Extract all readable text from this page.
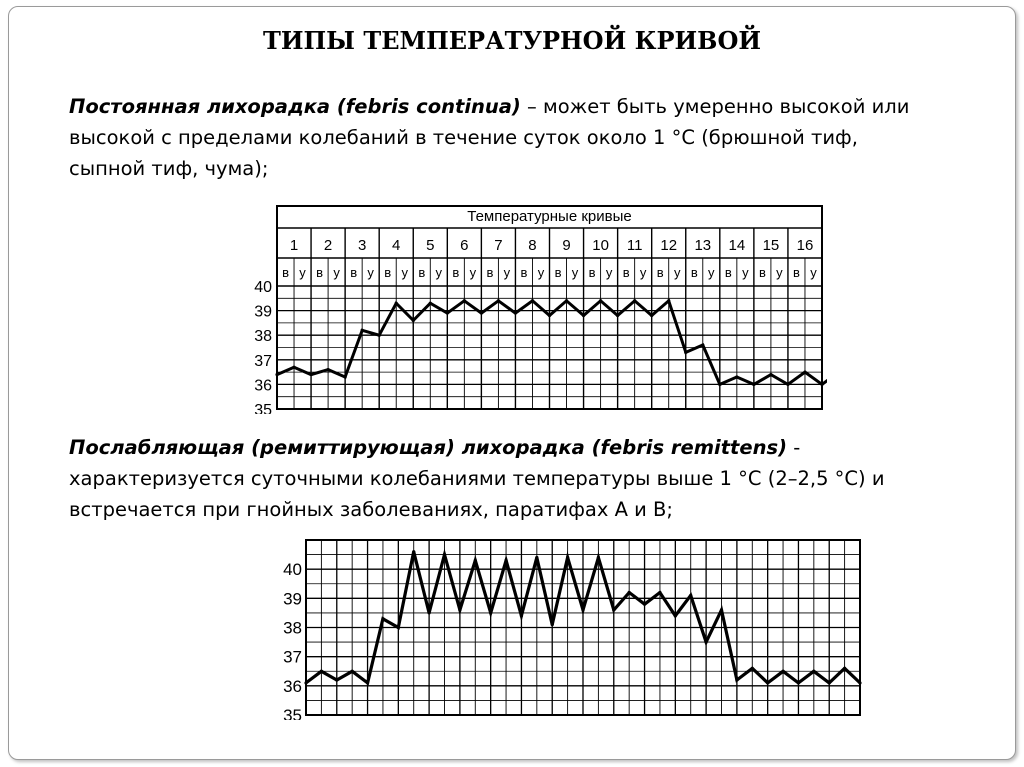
ТИПЫ ТЕМПЕРАТУРНОЙ КРИВОЙ
Постоянная лихорадка (febris continua) – может быть умеренно высокой или
высокой с пределами колебаний в течение суток около 1 °С (брюшной тиф,
сыпной тиф, чума);
Температурные кривые
1 2 3 4 5 6 7 8 9 10 11 12 13 14 15 16
в у в у в у в у в у в у в у в у в у в у в у в у в у в у в у в у
40
39
38
37
36
35
Послабляющая (ремиттирующая) лихорадка (febris remittens) -
характеризуется суточными колебаниями температуры выше 1 °С (2–2,5 °С) и
встречается при гнойных заболеваниях, паратифах А и В;
40
39
38
37
36
35
